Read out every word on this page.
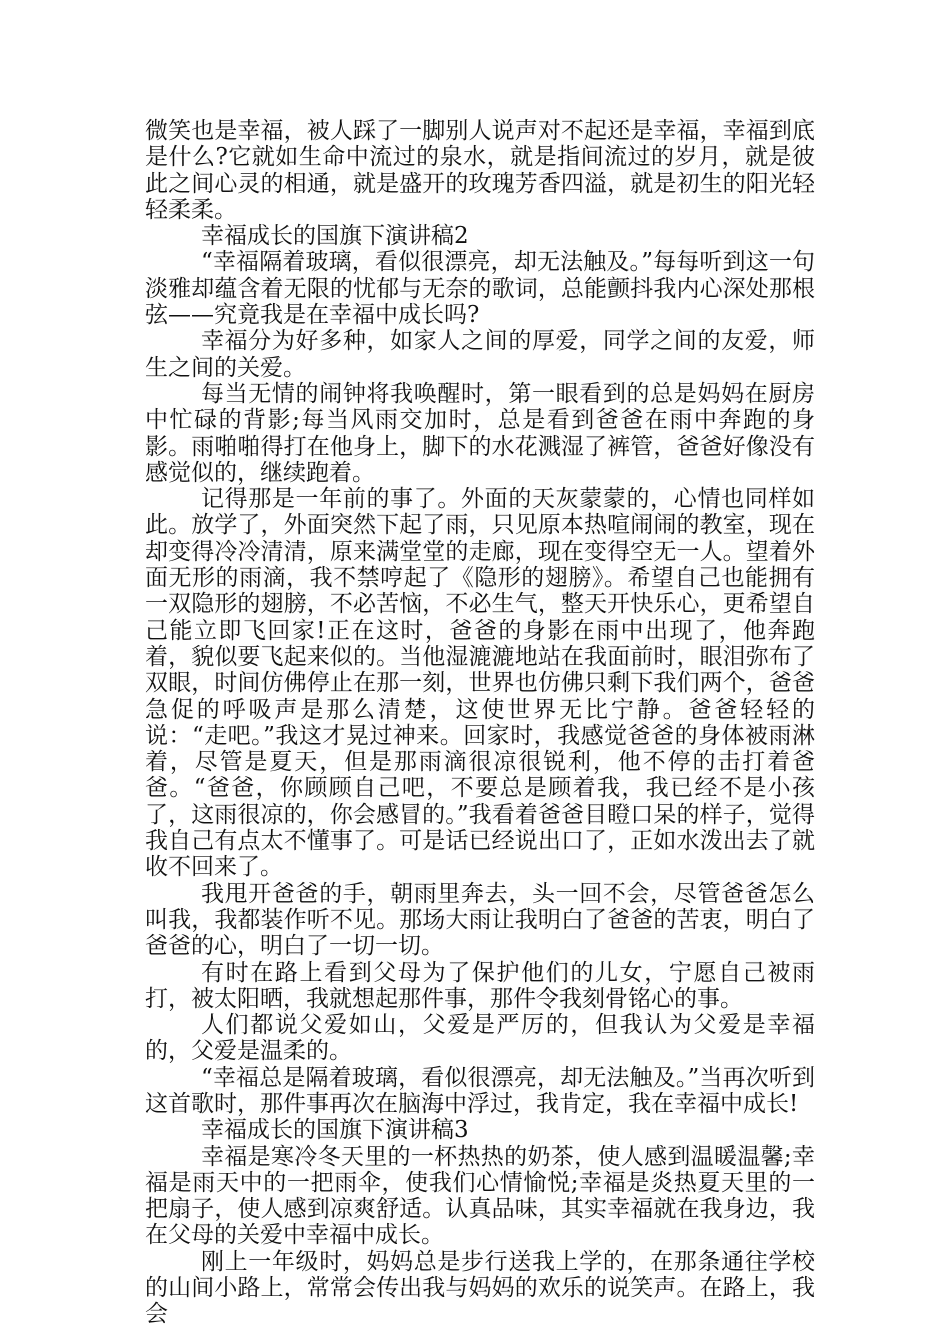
微笑也是幸福，被人踩了一脚别人说声对不起还是幸福，幸福到底是什么?它就如生命中流过的泉水，就是指间流过的岁月，就是彼此之间心灵的相通，就是盛开的玫瑰芳香四溢，就是初生的阳光轻轻柔柔。

幸福成长的国旗下演讲稿2

“幸福隔着玻璃，看似很漂亮，却无法触及。”每每听到这一句淡雅却蕴含着无限的忧郁与无奈的歌词，总能颤抖我内心深处那根弦——究竟我是在幸福中成长吗?

幸福分为好多种，如家人之间的厚爱，同学之间的友爱，师生之间的关爱。

每当无情的闹钟将我唤醒时，第一眼看到的总是妈妈在厨房中忙碌的背影;每当风雨交加时，总是看到爸爸在雨中奔跑的身影。雨啪啪得打在他身上，脚下的水花溅湿了裤管，爸爸好像没有感觉似的，继续跑着。

记得那是一年前的事了。外面的天灰蒙蒙的，心情也同样如此。放学了，外面突然下起了雨，只见原本热喧闹闹的教室，现在却变得冷冷清清，原来满堂堂的走廊，现在变得空无一人。望着外面无形的雨滴，我不禁哼起了《隐形的翅膀》。希望自己也能拥有一双隐形的翅膀，不必苦恼，不必生气，整天开快乐心，更希望自己能立即飞回家!正在这时，爸爸的身影在雨中出现了，他奔跑着，貌似要飞起来似的。当他湿漉漉地站在我面前时，眼泪弥布了双眼，时间仿佛停止在那一刻，世界也仿佛只剩下我们两个，爸爸急促的呼吸声是那么清楚，这使世界无比宁静。爸爸轻轻的说：“走吧。”我这才晃过神来。回家时，我感觉爸爸的身体被雨淋着，尽管是夏天，但是那雨滴很凉很锐利，他不停的击打着爸爸。“爸爸，你顾顾自己吧，不要总是顾着我，我已经不是小孩了，这雨很凉的，你会感冒的。”我看着爸爸目瞪口呆的样子，觉得我自己有点太不懂事了。可是话已经说出口了，正如水泼出去了就收不回来了。

我甩开爸爸的手，朝雨里奔去，头一回不会，尽管爸爸怎么叫我，我都装作听不见。那场大雨让我明白了爸爸的苦衷，明白了爸爸的心，明白了一切一切。

有时在路上看到父母为了保护他们的儿女，宁愿自己被雨打，被太阳晒，我就想起那件事，那件令我刻骨铭心的事。

人们都说父爱如山，父爱是严厉的，但我认为父爱是幸福的，父爱是温柔的。

“幸福总是隔着玻璃，看似很漂亮，却无法触及。”当再次听到这首歌时，那件事再次在脑海中浮过，我肯定，我在幸福中成长!

幸福成长的国旗下演讲稿3

幸福是寒冷冬天里的一杯热热的奶茶，使人感到温暖温馨;幸福是雨天中的一把雨伞，使我们心情愉悦;幸福是炎热夏天里的一把扇子，使人感到凉爽舒适。认真品味，其实幸福就在我身边，我在父母的关爱中幸福中成长。

刚上一年级时，妈妈总是步行送我上学的，在那条通往学校的山间小路上，常常会传出我与妈妈的欢乐的说笑声。在路上，我会
